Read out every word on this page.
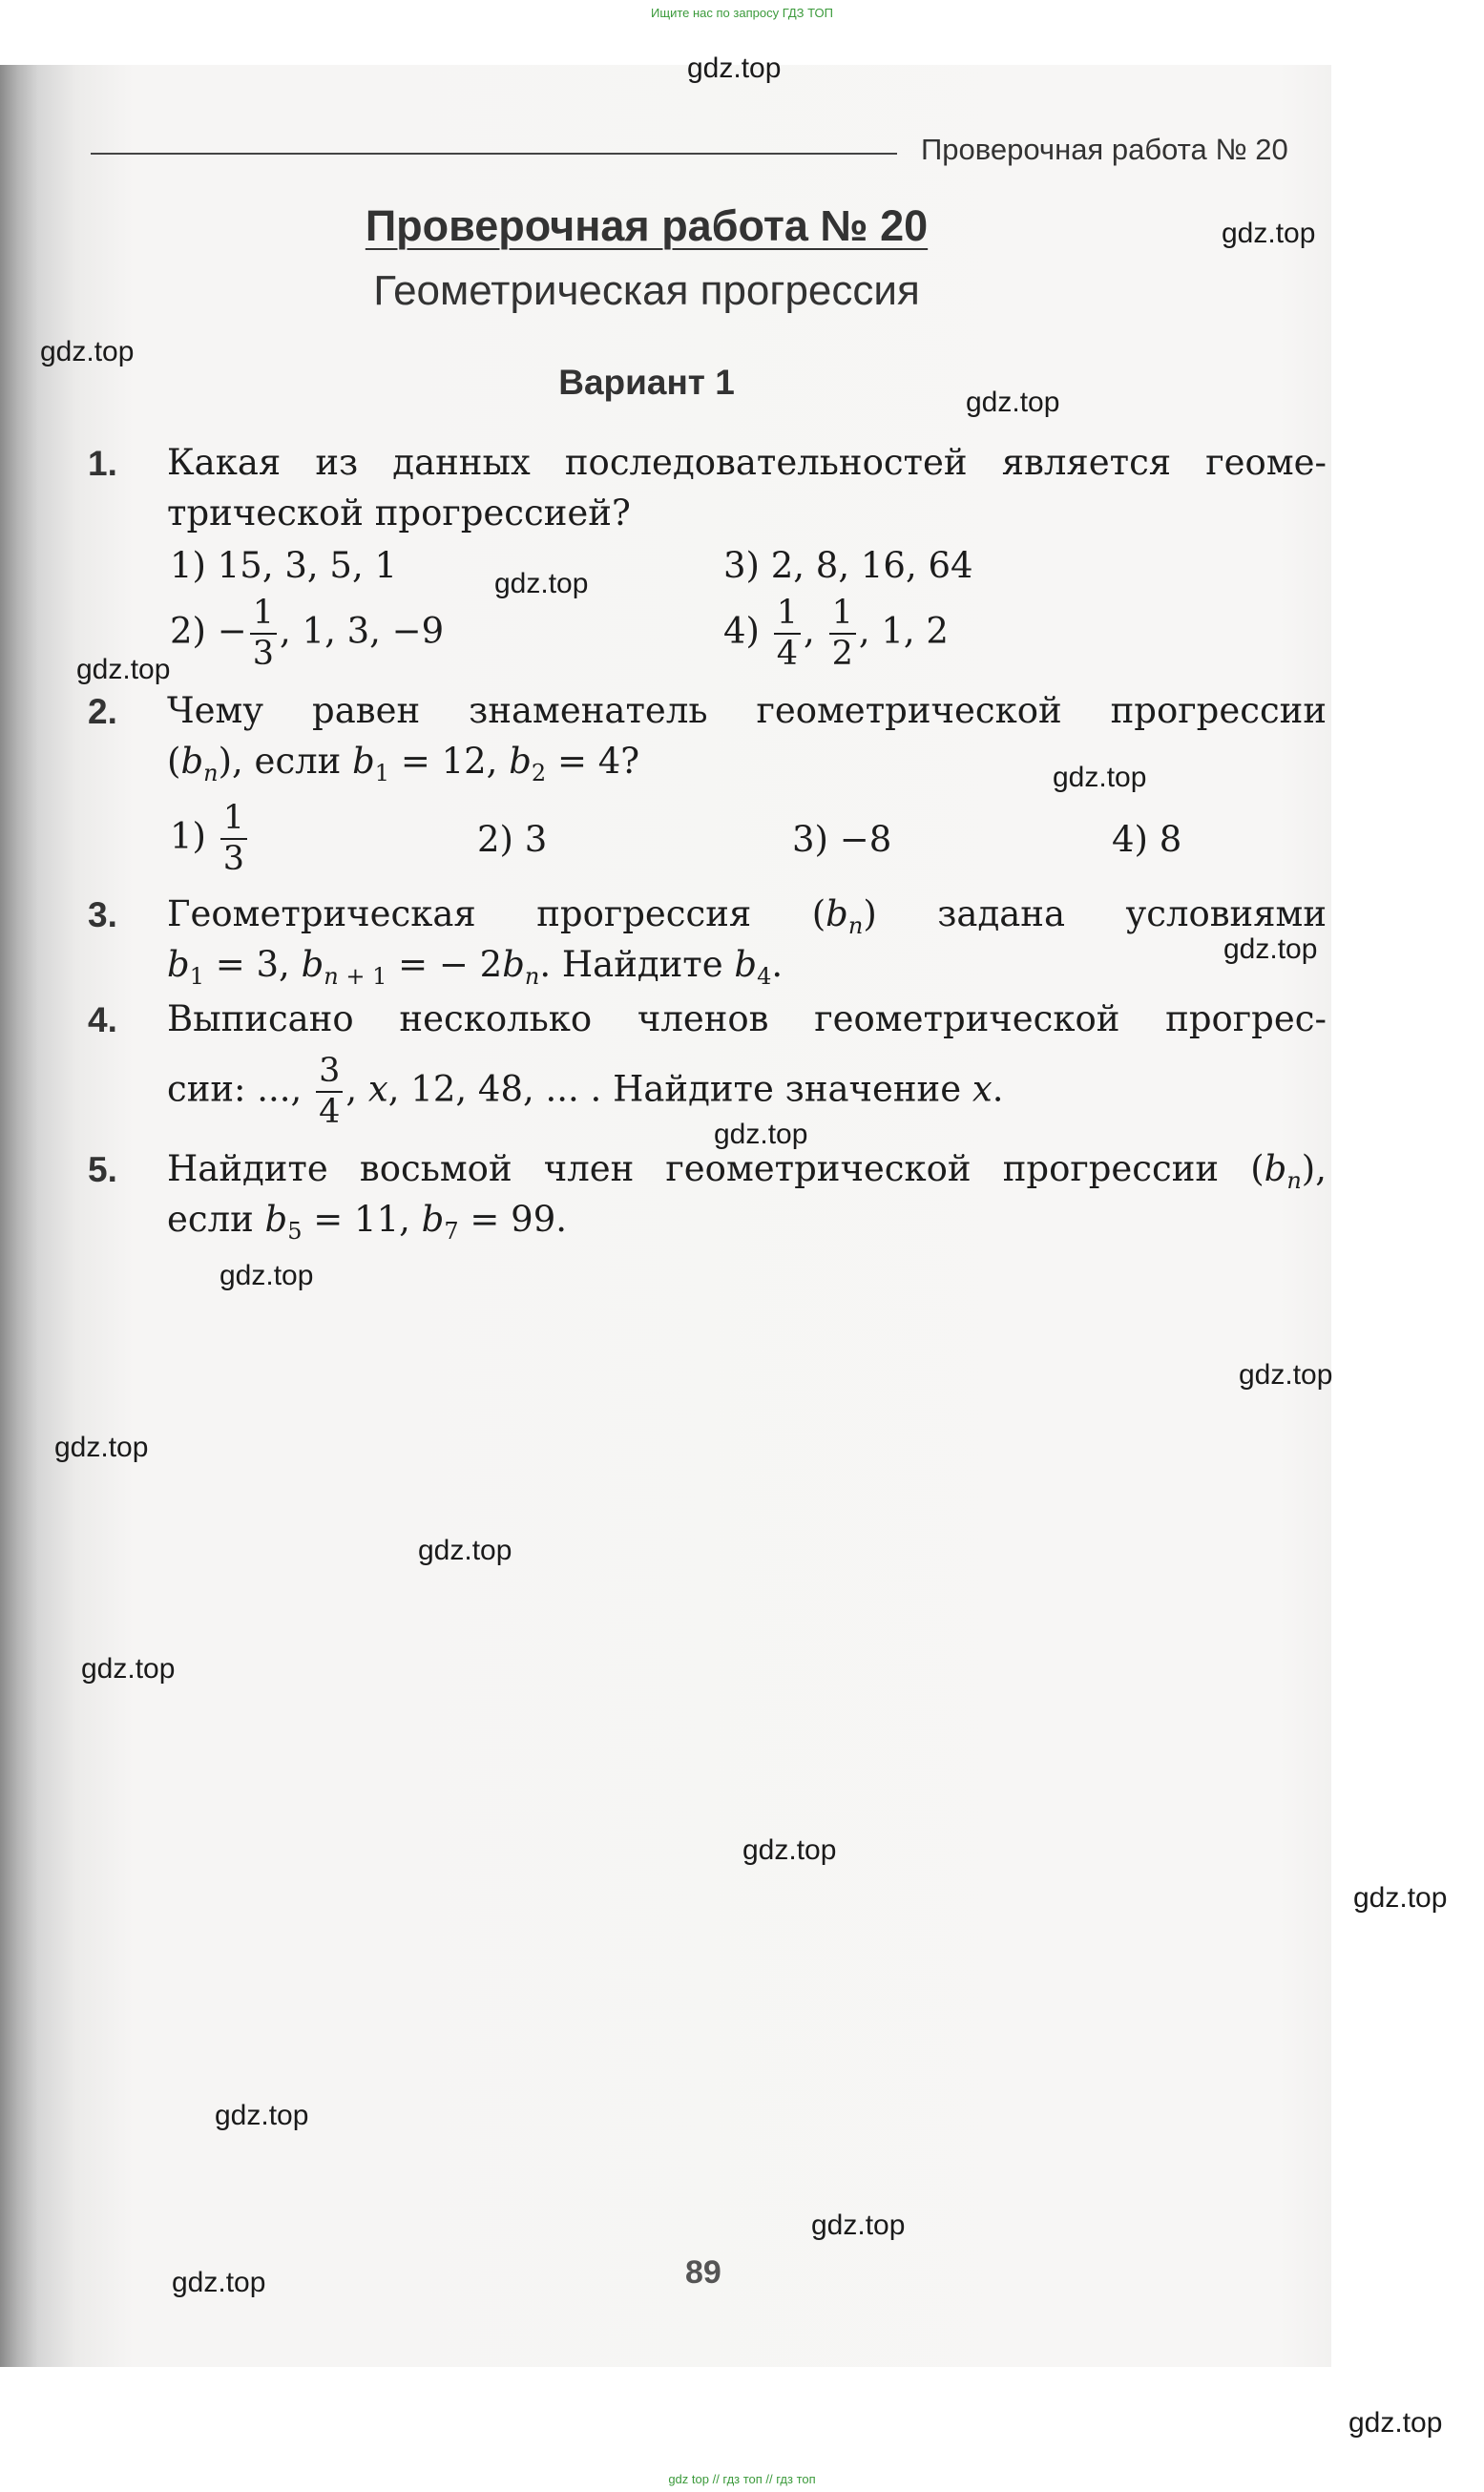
Ищите нас по запросу ГДЗ ТОП
Проверочная работа № 20
Проверочная работа № 20
Геометрическая прогрессия
Вариант 1
1. Какая из данных последовательностей является геоме-
трической прогрессией?
1) 15, 3, 5, 1	3) 2, 8, 16, 64
$2) - \frac{1}{3}$ , 1, 3, −9	$4) \frac{1}{4}$ , $\frac{1}{2}$ , 1, 2
2. Чему равен знаменатель геометрической прогрессии
$(b_n)$, если $b_1 = 12$, $b_2 = 4$?
$1) \frac{1}{3}$	2) 3	3) −8	4) 8
3. Геометрическая  прогрессия  $(b_n)$  задана  условиями
$b_1 = 3$, $b_{n + 1}$ = − $2b_n$. Найдите $b_4$.
4. Выписано несколько членов геометрической прогрес-
сии: ..., $\frac{3}{4}$ , x, 12, 48, ... . Найдите значение x.
5. Найдите восьмой член геометрической прогрессии $(b_n)$,
если $b_5 = 11$, $b_7 = 99$.
89
gdz.top
gdz.top
gdz.top
gdz.top
gdz.top
gdz.top
gdz.top
gdz.top
gdz.top
gdz.top
gdz.top
gdz.top
gdz.top
gdz.top
gdz.top
gdz.top
gdz.top
gdz.top
gdz.top
gdz.top
gdz top // гдз топ // гдз топ
